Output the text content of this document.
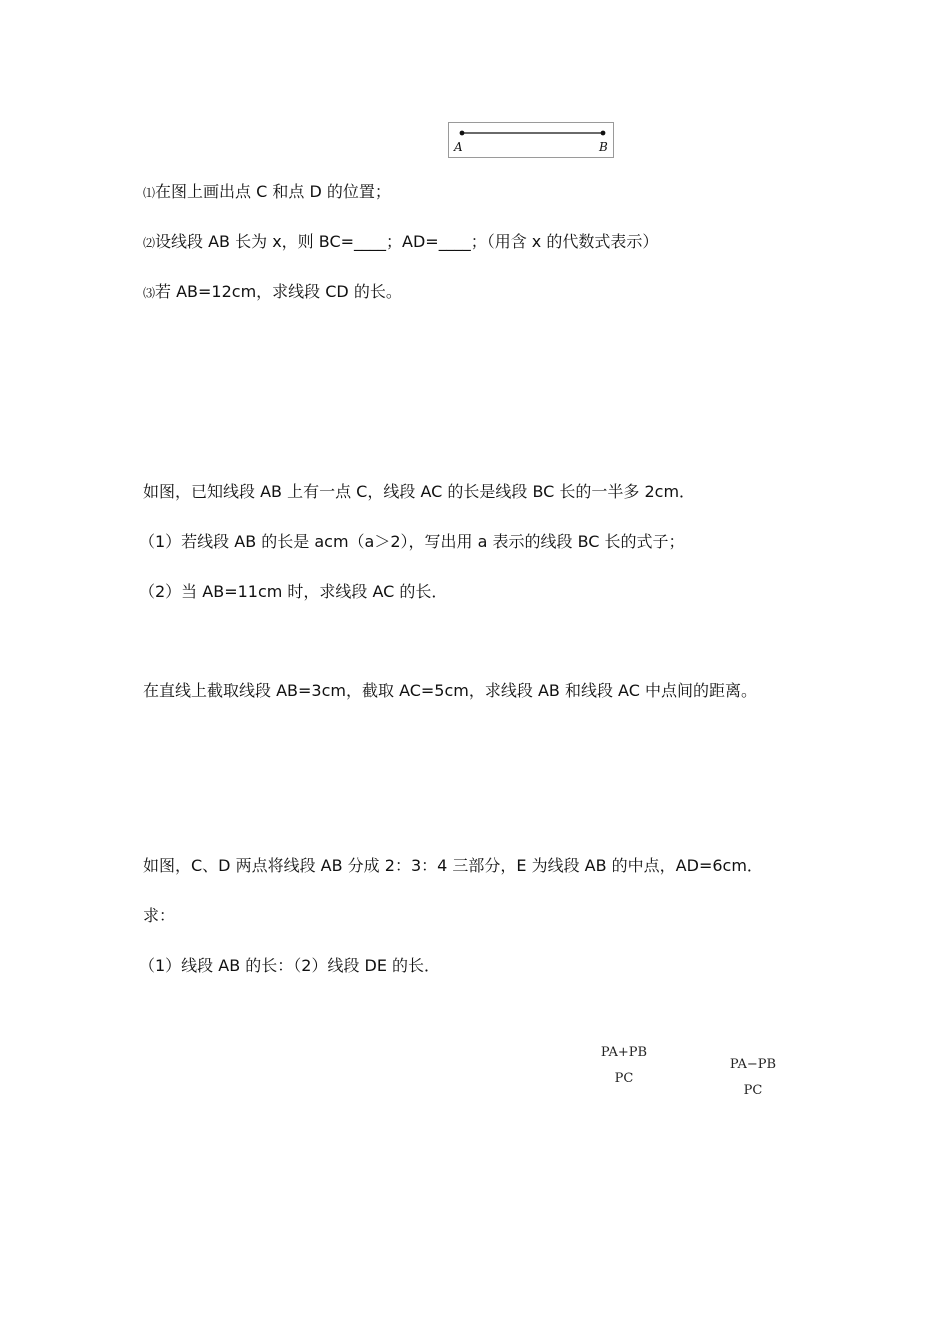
A	B
⑴在图上画出点 C 和点 D 的位置；
⑵设线段 AB 长为 x，则 BC=____；AD=____；（用含 x 的代数式表示）
⑶若 AB=12cm，求线段 CD 的长。
如图，已知线段 AB 上有一点 C，线段 AC 的长是线段 BC 长的一半多 2cm．
（1）若线段 AB 的长是 acm（a＞2），写出用 a 表示的线段 BC 长的式子；
（2）当 AB=11cm 时，求线段 AC 的长．
在直线上截取线段 AB=3cm，截取 AC=5cm，求线段 AB 和线段 AC 中点间的距离。
如图，C、D 两点将线段 AB 分成 2：3：4 三部分，E 为线段 AB 的中点，AD=6cm．
求：
（1）线段 AB 的长：（2）线段 DE 的长．
PA+PB
PC
PA−PB
PC
